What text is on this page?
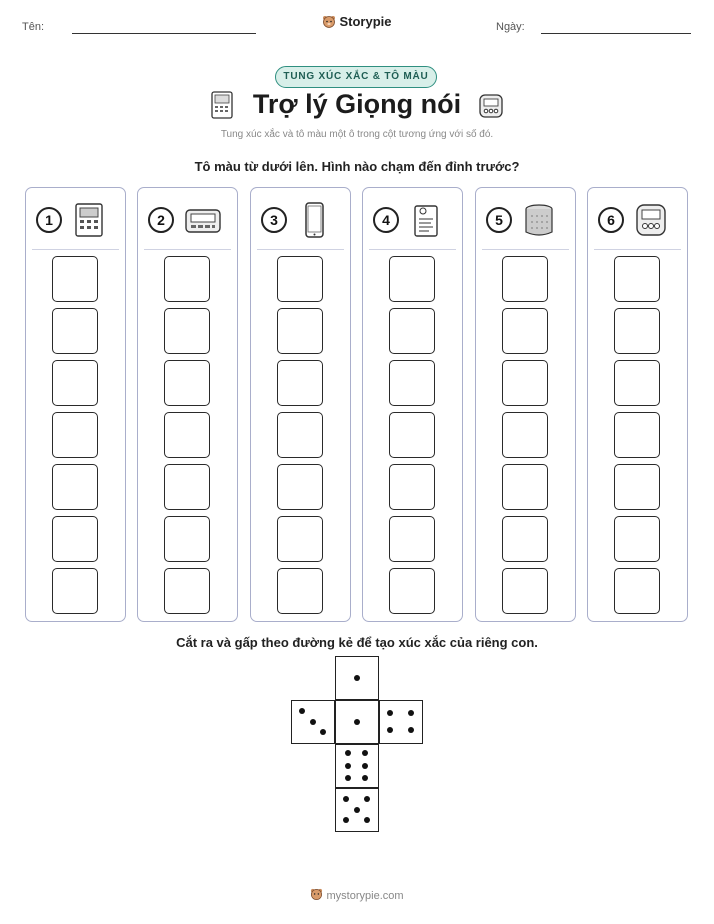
Tên:	Storypie	Ngày:
TUNG XÚC XẮC & TÔ MÀU
Trợ lý Giọng nói
Tung xúc xắc và tô màu một ô trong cột tương ứng với số đó.
Tô màu từ dưới lên. Hình nào chạm đến đỉnh trước?
1	2	3	4	5	6
Cắt ra và gấp theo đường kẻ để tạo xúc xắc của riêng con.
mystorypie.com
